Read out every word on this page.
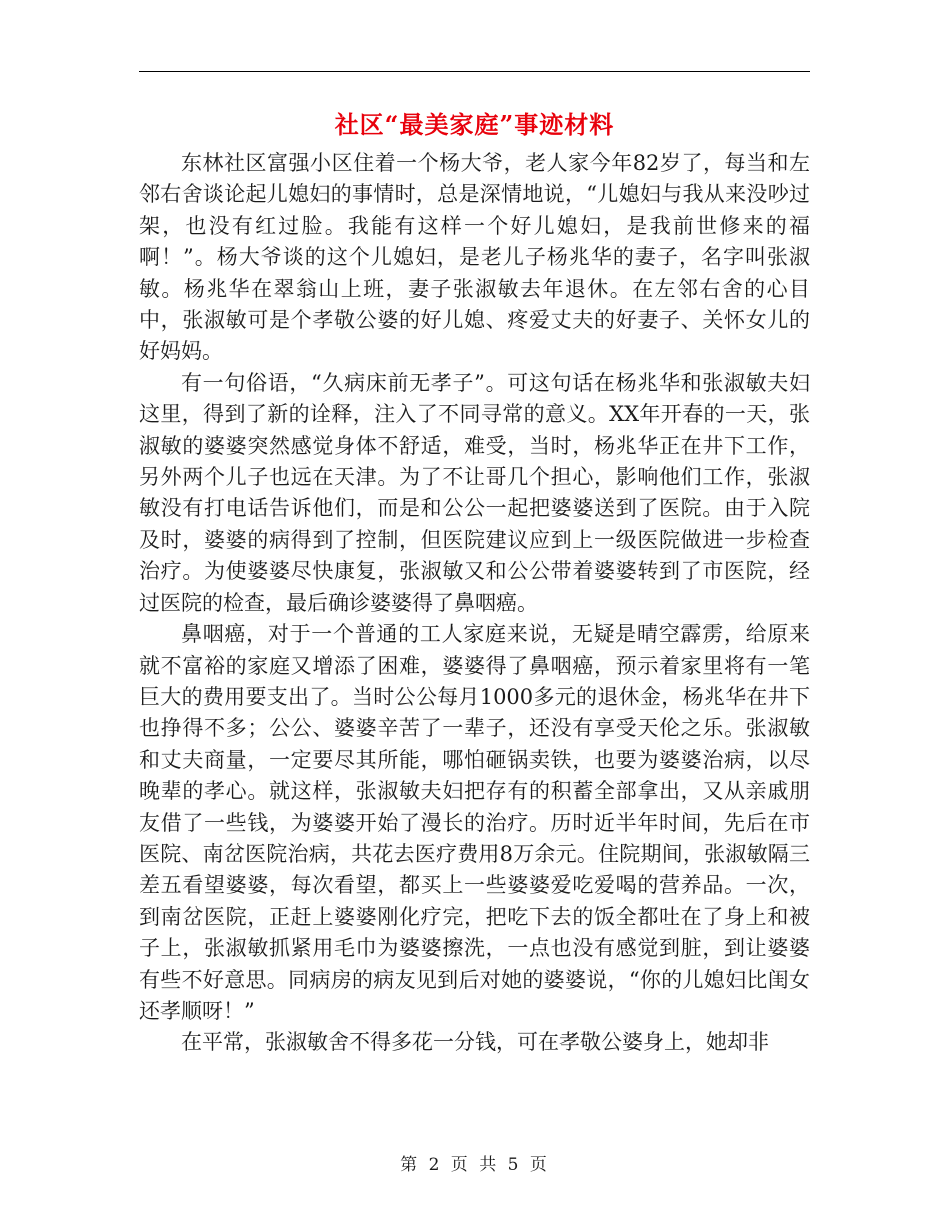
社区“最美家庭”事迹材料

东林社区富强小区住着一个杨大爷，老人家今年82岁了，每当和左邻右舍谈论起儿媳妇的事情时，总是深情地说，“儿媳妇与我从来没吵过架，也没有红过脸。我能有这样一个好儿媳妇，是我前世修来的福啊！”。杨大爷谈的这个儿媳妇，是老儿子杨兆华的妻子，名字叫张淑敏。杨兆华在翠翁山上班，妻子张淑敏去年退休。在左邻右舍的心目中，张淑敏可是个孝敬公婆的好儿媳、疼爱丈夫的好妻子、关怀女儿的好妈妈。

有一句俗语，“久病床前无孝子”。可这句话在杨兆华和张淑敏夫妇这里，得到了新的诠释，注入了不同寻常的意义。XX年开春的一天，张淑敏的婆婆突然感觉身体不舒适，难受，当时，杨兆华正在井下工作，另外两个儿子也远在天津。为了不让哥几个担心，影响他们工作，张淑敏没有打电话告诉他们，而是和公公一起把婆婆送到了医院。由于入院及时，婆婆的病得到了控制，但医院建议应到上一级医院做进一步检查治疗。为使婆婆尽快康复，张淑敏又和公公带着婆婆转到了市医院，经过医院的检查，最后确诊婆婆得了鼻咽癌。

鼻咽癌，对于一个普通的工人家庭来说，无疑是晴空霹雳，给原来就不富裕的家庭又增添了困难，婆婆得了鼻咽癌，预示着家里将有一笔巨大的费用要支出了。当时公公每月1000多元的退休金，杨兆华在井下也挣得不多；公公、婆婆辛苦了一辈子，还没有享受天伦之乐。张淑敏和丈夫商量，一定要尽其所能，哪怕砸锅卖铁，也要为婆婆治病，以尽晚辈的孝心。就这样，张淑敏夫妇把存有的积蓄全部拿出，又从亲戚朋友借了一些钱，为婆婆开始了漫长的治疗。历时近半年时间，先后在市医院、南岔医院治病，共花去医疗费用8万余元。住院期间，张淑敏隔三差五看望婆婆，每次看望，都买上一些婆婆爱吃爱喝的营养品。一次，到南岔医院，正赶上婆婆刚化疗完，把吃下去的饭全都吐在了身上和被子上，张淑敏抓紧用毛巾为婆婆擦洗，一点也没有感觉到脏，到让婆婆有些不好意思。同病房的病友见到后对她的婆婆说，“你的儿媳妇比闺女还孝顺呀！”

在平常，张淑敏舍不得多花一分钱，可在孝敬公婆身上，她却非

第 2 页 共 5 页
